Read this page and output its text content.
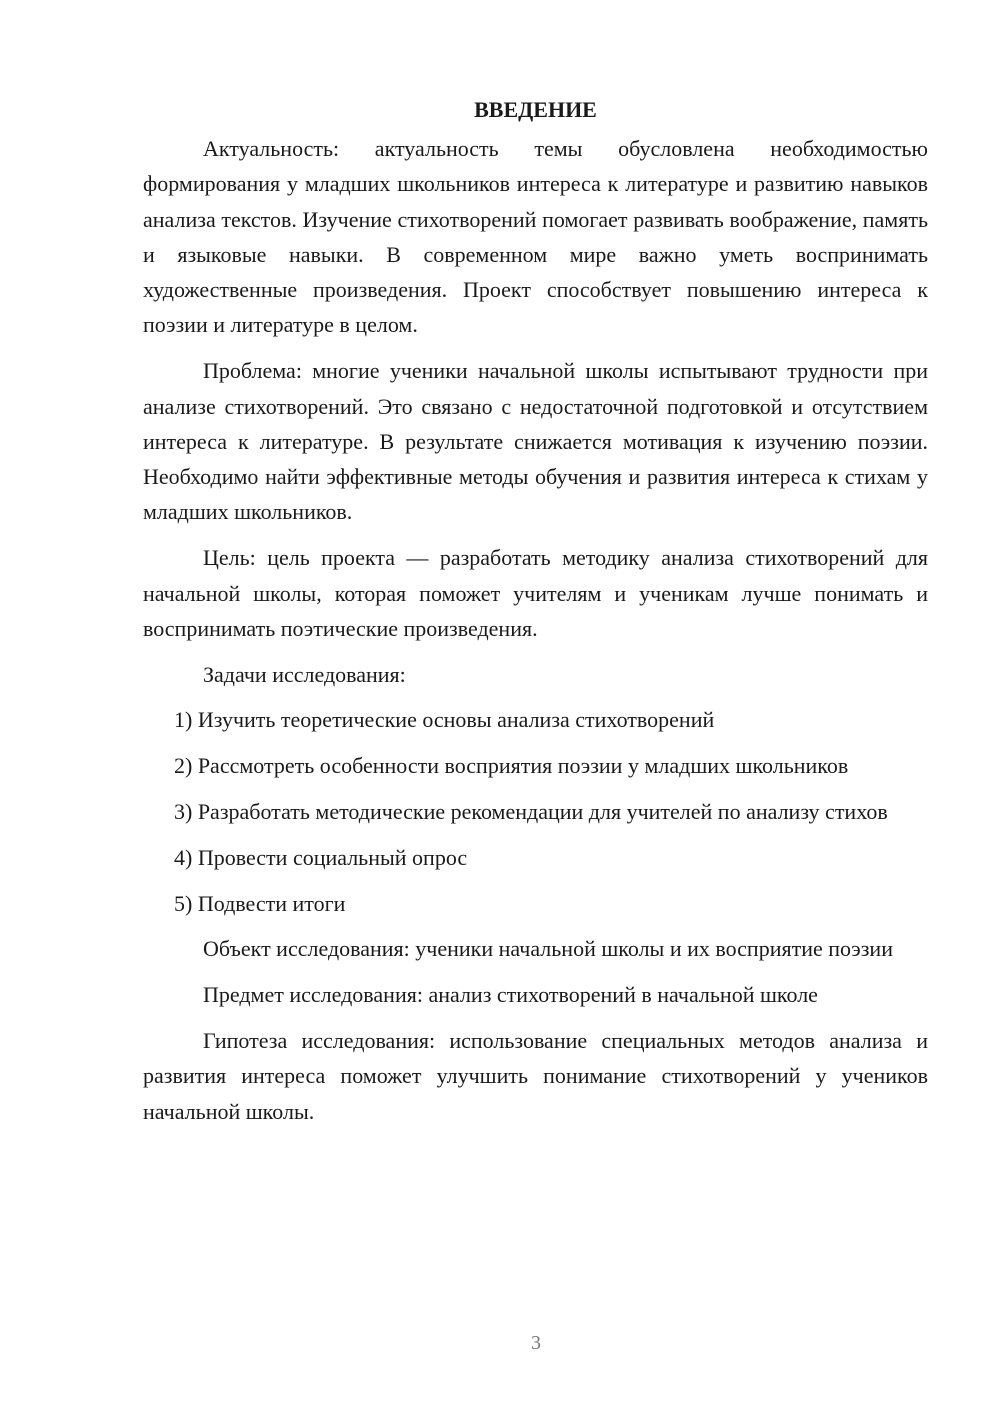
ВВЕДЕНИЕ

Актуальность: актуальность темы обусловлена необходимостью формирования у младших школьников интереса к литературе и развитию навыков анализа текстов. Изучение стихотворений помогает развивать воображение, память и языковые навыки. В современном мире важно уметь воспринимать художественные произведения. Проект способствует повышению интереса к поэзии и литературе в целом.

Проблема: многие ученики начальной школы испытывают трудности при анализе стихотворений. Это связано с недостаточной подготовкой и отсутствием интереса к литературе. В результате снижается мотивация к изучению поэзии. Необходимо найти эффективные методы обучения и развития интереса к стихам у младших школьников.

Цель: цель проекта — разработать методику анализа стихотворений для начальной школы, которая поможет учителям и ученикам лучше понимать и воспринимать поэтические произведения.

Задачи исследования:

1) Изучить теоретические основы анализа стихотворений

2) Рассмотреть особенности восприятия поэзии у младших школьников

3) Разработать методические рекомендации для учителей по анализу стихов

4) Провести социальный опрос

5) Подвести итоги

Объект исследования: ученики начальной школы и их восприятие поэзии

Предмет исследования: анализ стихотворений в начальной школе

Гипотеза исследования: использование специальных методов анализа и развития интереса поможет улучшить понимание стихотворений у учеников начальной школы.

3
